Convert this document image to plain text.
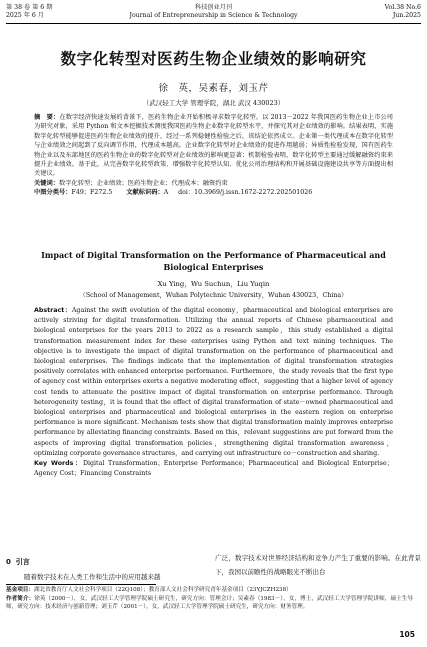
第 38 卷 第 6 期
2025 年 6 月
科技创业月刊
Journal of Entrepreneurship in Science & Technology
Vol.38 No.6
Jun.2025
数字化转型对医药生物企业绩效的影响研究
徐　英，吴素春，刘玉芹
（武汉轻工大学 管理学院，湖北 武汉 430023）

摘　要：在数字经济快速发展的背景下，医药生物企业开始积极寻求数字化转型。以 2013－2022 年我国医药生物企业上市公司为研究对象，采用 Python 和文本挖掘技术测度我国医药生物企业数字化转型水平，并探究其对企业绩效的影响。结果表明，实施数字化转型能够促进医药生物企业绩效的提升，经过一系列稳健性检验之后，该结论依然成立。企业第一类代理成本在数字化转型与企业绩效之间起到了反向调节作用，代理成本越高，企业数字化转型对企业绩效的促进作用越弱；异质性检验发现，国有医药生物企业以及东部地区的医药生物企业的数字化转型对企业绩效的影响更显著；机制检验表明，数字化转型主要通过缓解融资约束来提升企业绩效。基于此，从完善数字化转型政策、增强数字化转型认知、优化公司治理结构和开展基础设施建设共享等方面提出相关建议。

关键词：数字化转型；企业绩效；医药生物企业；代理成本；融资约束

中图分类号：F49；F272.5 文献标识码：A doi：10.3969/j.issn.1672-2272.202501026

Impact of Digital Transformation on the Performance of Pharmaceutical and
Biological Enterprises
Xu Ying，Wu Suchun，Liu Yuqin
（School of Management，Wuhan Polytechnic University，Wuhan 430023，China）

Abstract：Against the swift evolution of the digital economy，pharmaceutical and biological enterprises are actively striving for digital transformation. Utilizing the annual reports of Chinese pharmaceutical and biological enterprises for the years 2013 to 2022 as a research sample，this study established a digital transformation measurement index for these enterprises using Python and text mining techniques. The objective is to investigate the impact of digital transformation on the performance of pharmaceutical and biological enterprises. The findings indicate that the implementation of digital transformation strategies positively correlates with enhanced enterprise performance. Furthermore，the study reveals that the first type of agency cost within enterprises exerts a negative moderating effect，suggesting that a higher level of agency cost tends to attenuate the positive impact of digital transformation on enterprise performance. Through heterogeneity testing，it is found that the effect of digital transformation of state－owned pharmaceutical and biological enterprises and pharmaceutical and biological enterprises in the eastern region on enterprise performance is more significant. Mechanism tests show that digital transformation mainly improves enterprise performance by alleviating financing constraints. Based on this，relevant suggestions are put forward from the aspects of improving digital transformation policies，strengthening digital transformation awareness，optimizing corporate governance structures，and carrying out infrastructure co－construction and sharing.

Key Words：Digital Transformation；Enterprise Performance；Pharmaceutical and Biological Enterprise；Agency Cost；Financing Constraints

0 引言
随着数字技术在人类工作和生活中的应用越来越
广泛，数字技术对世界经济结构和竞争力产生了重要的影响。在此背景下，我国以前瞻性的战略眼光不断出台

基金项目：湖北省教育厅人文社会科学项目（22Q108）；教育部人文社会科学研究青年基金项目（23YJCZH238）

作者简介：徐英（2000－），女，武汉轻工大学管理学院硕士研究生，研究方向：管理会计；吴素春（1983－），女，博士，武汉轻工大学管理学院讲师，硕士生导师，研究方向：技术经济与创新管理；刘玉芹（2001－），女，武汉轻工大学管理学院硕士研究生，研究方向：财务管理。

105
